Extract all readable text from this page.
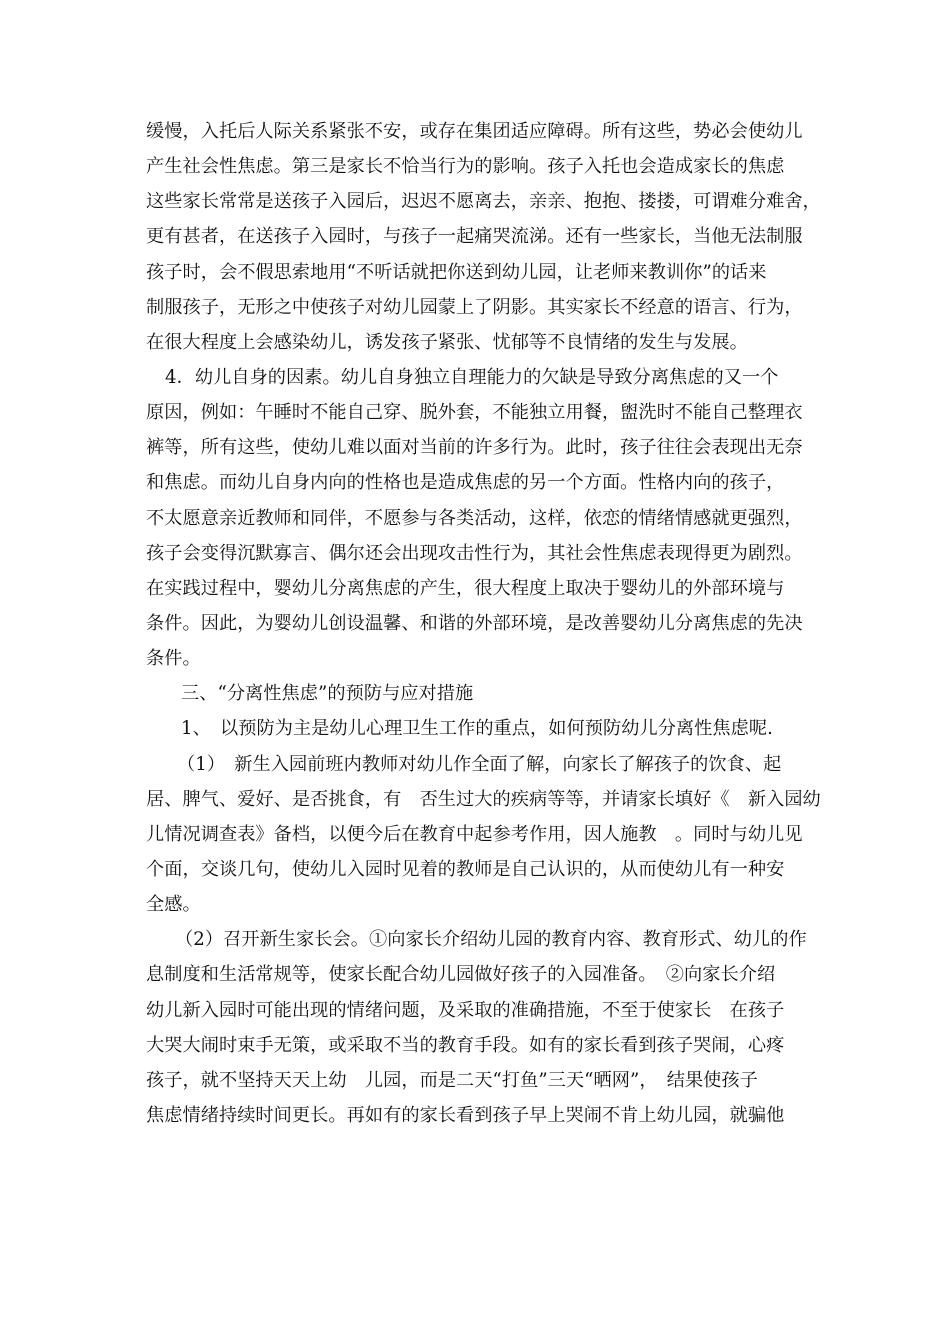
缓慢，入托后人际关系紧张不安，或存在集团适应障碍。所有这些，势必会使幼儿
产生社会性焦虑。第三是家长不恰当行为的影响。孩子入托也会造成家长的焦虑
这些家长常常是送孩子入园后，迟迟不愿离去，亲亲、抱抱、搂搂，可谓难分难舍，
更有甚者，在送孩子入园时，与孩子一起痛哭流涕。还有一些家长，当他无法制服
孩子时，会不假思索地用“不听话就把你送到幼儿园，让老师来教训你”的话来
制服孩子，无形之中使孩子对幼儿园蒙上了阴影。其实家长不经意的语言、行为，
在很大程度上会感染幼儿，诱发孩子紧张、忧郁等不良情绪的发生与发展。
4．幼儿自身的因素。幼儿自身独立自理能力的欠缺是导致分离焦虑的又一个
原因，例如：午睡时不能自己穿、脱外套，不能独立用餐，盥洗时不能自己整理衣
裤等，所有这些，使幼儿难以面对当前的许多行为。此时，孩子往往会表现出无奈
和焦虑。而幼儿自身内向的性格也是造成焦虑的另一个方面。性格内向的孩子，
不太愿意亲近教师和同伴，不愿参与各类活动，这样，依恋的情绪情感就更强烈，
孩子会变得沉默寡言、偶尔还会出现攻击性行为，其社会性焦虑表现得更为剧烈。
在实践过程中，婴幼儿分离焦虑的产生，很大程度上取决于婴幼儿的外部环境与
条件。因此，为婴幼儿创设温馨、和谐的外部环境，是改善婴幼儿分离焦虑的先决
条件。
三、“分离性焦虑”的预防与应对措施
1、　以预防为主是幼儿心理卫生工作的重点，如何预防幼儿分离性焦虑呢.
（1）　新生入园前班内教师对幼儿作全面了解，向家长了解孩子的饮食、起
居、脾气、爱好、是否挑食，有　否生过大的疾病等等，并请家长填好《　新入园幼
儿情况调查表》备档，以便今后在教育中起参考作用，因人施教　。同时与幼儿见
个面，交谈几句，使幼儿入园时见着的教师是自己认识的，从而使幼儿有一种安
全感。
（2）召开新生家长会。①向家长介绍幼儿园的教育内容、教育形式、幼儿的作
息制度和生活常规等，使家长配合幼儿园做好孩子的入园准备。　②向家长介绍
幼儿新入园时可能出现的情绪问题，及采取的准确措施，不至于使家长　在孩子
大哭大闹时束手无策，或采取不当的教育手段。如有的家长看到孩子哭闹，心疼
孩子，就不坚持天天上幼　儿园，而是二天“打鱼”三天“晒网”，　结果使孩子
焦虑情绪持续时间更长。再如有的家长看到孩子早上哭闹不肯上幼儿园，就骗他
